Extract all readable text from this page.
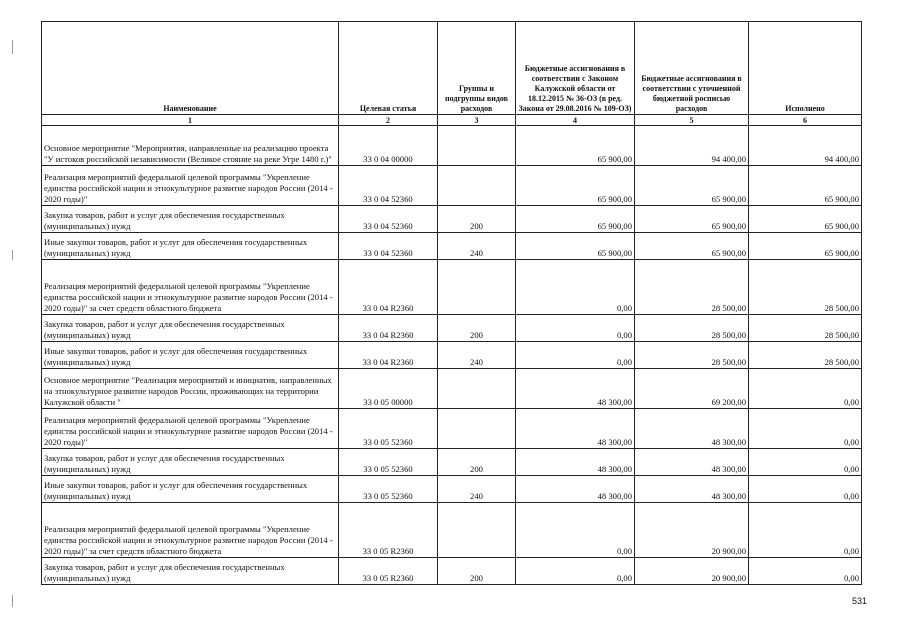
Наименование	Целевая статья	Группы и подгруппы видов расходов	Бюджетные ассигнования в соответствии с Законом Калужской области от 18.12.2015 № 36-ОЗ (в ред. Закона от 29.08.2016 № 109-ОЗ)	Бюджетные ассигнования в соответствии с уточненной бюджетной росписью расходов	Исполнено
1	2	3	4	5	6
Основное мероприятие "Мероприятия, направленные на реализацию проекта "У истоков российской независимости (Великое стояние на реке Угре 1480 г.)"	33 0 04 00000		65 900,00	94 400,00	94 400,00
Реализация мероприятий федеральной целевой программы "Укрепление единства российской нации и этнокультурное развитие народов России (2014 - 2020 годы)"	33 0 04 52360		65 900,00	65 900,00	65 900,00
Закупка товаров, работ и услуг для обеспечения государственных (муниципальных) нужд	33 0 04 52360	200	65 900,00	65 900,00	65 900,00
Иные закупки товаров, работ и услуг для обеспечения государственных (муниципальных) нужд	33 0 04 52360	240	65 900,00	65 900,00	65 900,00
Реализация мероприятий федеральной целевой программы "Укрепление единства российской нации и этнокультурное развитие народов России (2014 - 2020 годы)" за счет средств областного бюджета	33 0 04 R2360		0,00	28 500,00	28 500,00
Закупка товаров, работ и услуг для обеспечения государственных (муниципальных) нужд	33 0 04 R2360	200	0,00	28 500,00	28 500,00
Иные закупки товаров, работ и услуг для обеспечения государственных (муниципальных) нужд	33 0 04 R2360	240	0,00	28 500,00	28 500,00
Основное мероприятие "Реализация мероприятий и инициатив, направленных на этнокультурное развитие народов России, проживающих на территории Калужской области "	33 0 05 00000		48 300,00	69 200,00	0,00
Реализация мероприятий федеральной целевой программы "Укрепление единства российской нации и этнокультурное развитие народов России (2014 - 2020 годы)"	33 0 05 52360		48 300,00	48 300,00	0,00
Закупка товаров, работ и услуг для обеспечения государственных (муниципальных) нужд	33 0 05 52360	200	48 300,00	48 300,00	0,00
Иные закупки товаров, работ и услуг для обеспечения государственных (муниципальных) нужд	33 0 05 52360	240	48 300,00	48 300,00	0,00
Реализация мероприятий федеральной целевой программы "Укрепление единства российской нации и этнокультурное развитие народов России (2014 - 2020 годы)" за счет средств областного бюджета	33 0 05 R2360		0,00	20 900,00	0,00
Закупка товаров, работ и услуг для обеспечения государственных (муниципальных) нужд	33 0 05 R2360	200	0,00	20 900,00	0,00
531
